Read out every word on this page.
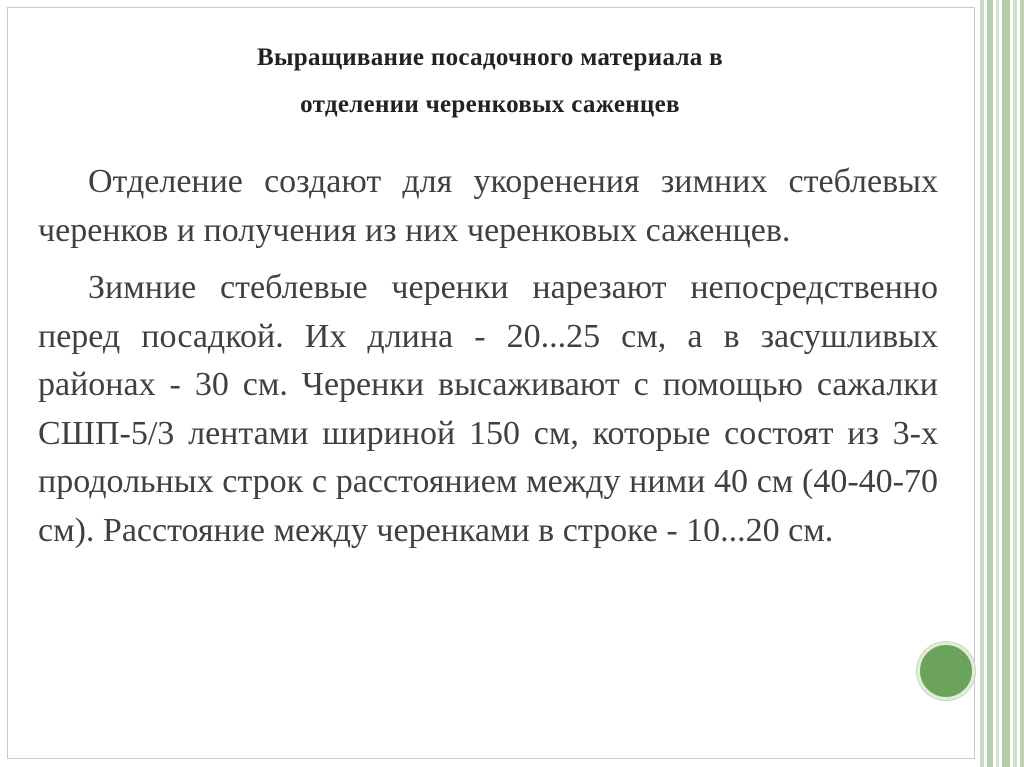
Выращивание посадочного материала в
отделении черенковых саженцев

Отделение создают для укоренения зимних стеблевых черенков и получения из них черенковых саженцев.

Зимние стеблевые черенки нарезают непосредственно перед посадкой. Их длина - 20...25 см, а в засушливых районах - 30 см. Черенки высаживают с помощью сажалки СШП-5/3 лентами шириной 150 см, которые состоят из 3-х продольных строк с расстоянием между ними 40 см (40-40-70 см). Расстояние между черенками в строке - 10...20 см.
